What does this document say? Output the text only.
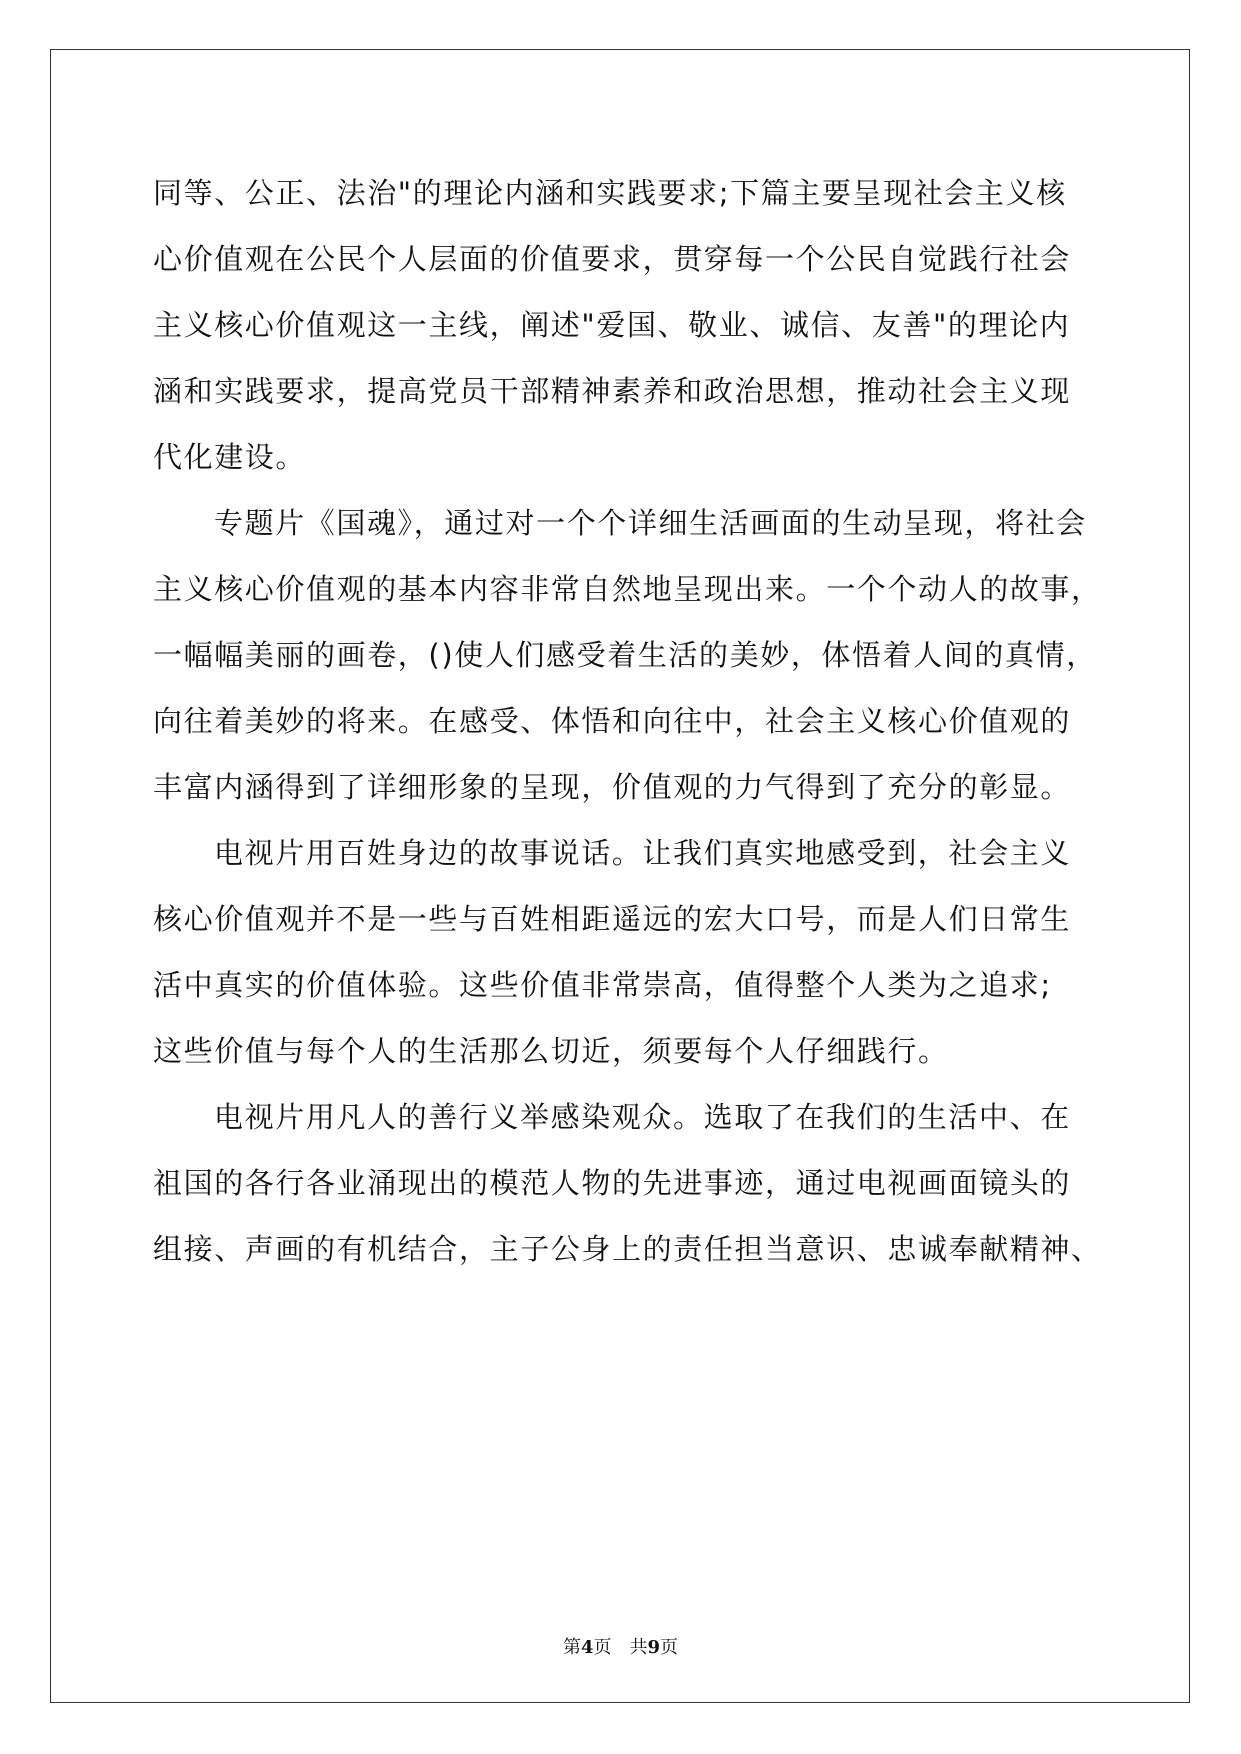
同等、公正、法治"的理论内涵和实践要求;下篇主要呈现社会主义核
心价值观在公民个人层面的价值要求，贯穿每一个公民自觉践行社会
主义核心价值观这一主线，阐述"爱国、敬业、诚信、友善"的理论内
涵和实践要求，提高党员干部精神素养和政治思想，推动社会主义现
代化建设。
专题片《国魂》，通过对一个个详细生活画面的生动呈现，将社会
主义核心价值观的基本内容非常自然地呈现出来。一个个动人的故事，
一幅幅美丽的画卷，()使人们感受着生活的美妙，体悟着人间的真情，
向往着美妙的将来。在感受、体悟和向往中，社会主义核心价值观的
丰富内涵得到了详细形象的呈现，价值观的力气得到了充分的彰显。
电视片用百姓身边的故事说话。让我们真实地感受到，社会主义
核心价值观并不是一些与百姓相距遥远的宏大口号，而是人们日常生
活中真实的价值体验。这些价值非常崇高，值得整个人类为之追求;
这些价值与每个人的生活那么切近，须要每个人仔细践行。
电视片用凡人的善行义举感染观众。选取了在我们的生活中、在
祖国的各行各业涌现出的模范人物的先进事迹，通过电视画面镜头的
组接、声画的有机结合，主子公身上的责任担当意识、忠诚奉献精神、
第4页 共9页
